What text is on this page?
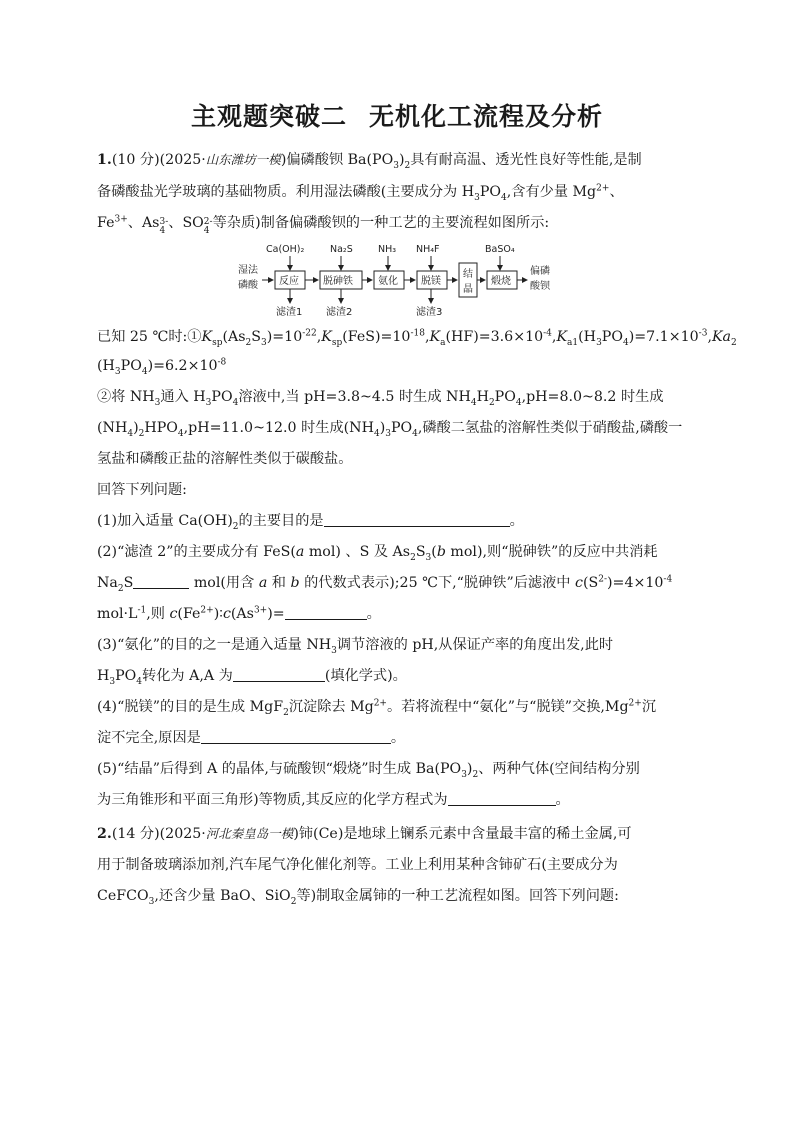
主观题突破二 无机化工流程及分析
1.(10 分)(2025·山东潍坊一模)偏磷酸钡 $Ba(PO_3)_2$具有耐高温、透光性良好等性能,是制
备磷酸盐光学玻璃的基础物质。利用湿法磷酸(主要成分为 $H_3PO_4$,含有少量 $Mg^{2+}$、
$Fe^{3+}$、As 3-
4 、SO 2-
4 等杂质)制备偏磷酸钡的一种工艺的主要流程如图所示:
湿法
磷酸
Ca(OH)₂	Na₂S	NH₃ NH₄F	BaSO₄
反应 脱砷铁	氨化 脱镁
结
晶
煅烧
偏磷
酸钡
滤渣1 滤渣2	滤渣3
已知 25 ℃时$:①K_{sp}(As_2S_3)=10^{-22},K_{sp}(FeS)=10^{-18},K_a(HF)=3.6\times 10^{-4},K_{a1}(H_3PO_4)=7.1\times 10^{-3},Ka_2$
$(H_3PO_4)=6.2\times 10^{-8}$
②将 $NH_3$通入 $H_3PO_4$溶液中,当 pH=3.8~4.5 时生成 $NH_4H_2PO_4,pH=8.0\sim 8.2$ 时生成
$(NH_4)_2HPO_4,pH=11.0\sim 12.0$ 时生成$(NH_4)_3PO_4$,磷酸二氢盐的溶解性类似于硝酸盐,磷酸一
氢盐和磷酸正盐的溶解性类似于碳酸盐。
回答下列问题:
(1)加入适量 $Ca(OH)_2$的主要目的是	。
(2)“滤渣 2”的主要成分有 FeS(a mol) 、S 及 $As_2S_3(b$ mol),则“脱砷铁”的反应中共消耗
$Na_2S$	mol(用含 a 和 b 的代数式表示);25 ℃下,“脱砷铁”后滤液中 $c(S^{2-})=4\times 10^{-4}$
$mol\cdot L^{-1}$,则 $c(Fe^{2+})∶c(As^{3+})=$	。
(3)“氨化”的目的之一是通入适量 $NH_3$调节溶液的 pH,从保证产率的角度出发,此时
$H_3PO_4$转化为 A,A 为	(填化学式)。
(4)“脱镁”的目的是生成 MgF$_2$沉淀除去 $Mg^{2+}$。若将流程中“氨化”与“脱镁”交换$,Mg^{2+}$沉
淀不完全,原因是	。
(5)“结晶”后得到 A 的晶体,与硫酸钡“煅烧”时生成 $Ba(PO_3)_2$、两种气体(空间结构分别
为三角锥形和平面三角形)等物质,其反应的化学方程式为	。
2.(14 分)(2025·河北秦皇岛一模)铈(Ce)是地球上镧系元素中含量最丰富的稀土金属,可
用于制备玻璃添加剂,汽车尾气净化催化剂等。工业上利用某种含铈矿石(主要成分为
CeFCO$_3$,还含少量 BaO、SiO$_2$等)制取金属铈的一种工艺流程如图。回答下列问题:
